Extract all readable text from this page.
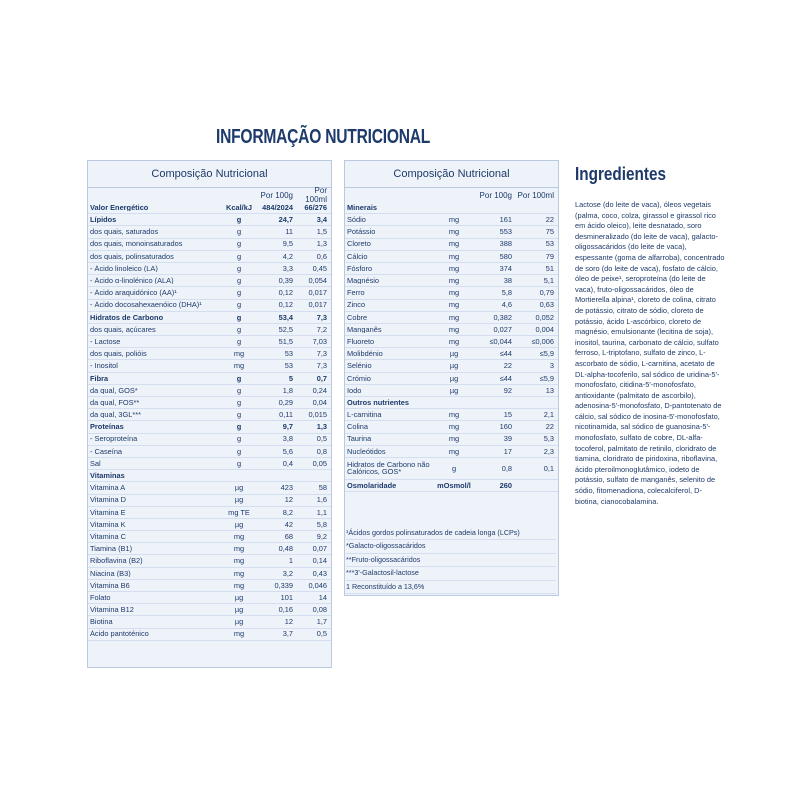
INFORMAÇÃO NUTRICIONAL
Composição Nutricional
Por 100g	Por 100ml
Valor Energético	Kcal/kJ	484/2024	66/276
Lípidos	g	24,7	3,4
dos quais, saturados	g	11	1,5
dos quais, monoinsaturados	g	9,5	1,3
dos quais, polinsaturados	g	4,2	0,6
- Ácido linoleico (LA)	g	3,3	0,45
- Ácido α-linolénico (ALA)	g	0,39	0,054
- Ácido araquidónico (AA)¹	g	0,12	0,017
- Ácido docosahexaenóico (DHA)¹	g	0,12	0,017
Hidratos de Carbono	g	53,4	7,3
dos quais, açúcares	g	52,5	7,2
- Lactose	g	51,5	7,03
dos quais, polióis	mg	53	7,3
- Inositol	mg	53	7,3
Fibra	g	5	0,7
da qual, GOS*	g	1,8	0,24
da qual, FOS**	g	0,29	0,04
da qual, 3GL***	g	0,11	0,015
Proteínas	g	9,7	1,3
- Seroproteína	g	3,8	0,5
- Caseína	g	5,6	0,8
Sal	g	0,4	0,05
Vitaminas
Vitamina A	µg	423	58
Vitamina D	µg	12	1,6
Vitamina E	mg TE	8,2	1,1
Vitamina K	µg	42	5,8
Vitamina C	mg	68	9,2
Tiamina (B1)	mg	0,48	0,07
Riboflavina (B2)	mg	1	0,14
Niacina (B3)	mg	3,2	0,43
Vitamina B6	mg	0,339	0,046
Folato	µg	101	14
Vitamina B12	µg	0,16	0,08
Biotina	µg	12	1,7
Ácido pantoténico	mg	3,7	0,5
Composição Nutricional
Por 100g Por 100ml
Minerais
Sódio	mg	161	22
Potássio	mg	553	75
Cloreto	mg	388	53
Cálcio	mg	580	79
Fósforo	mg	374	51
Magnésio	mg	38	5,1
Ferro	mg	5,8	0,79
Zinco	mg	4,6	0,63
Cobre	mg	0,382	0,052
Manganês	mg	0,027	0,004
Fluoreto	mg	≤0,044	≤0,006
Molibdénio	µg	≤44	≤5,9
Selénio	µg	22	3
Crómio	µg	≤44	≤5,9
Iodo	µg	92	13
Outros nutrientes
L-carnitina	mg	15	2,1
Colina	mg	160	22
Taurina	mg	39	5,3
Nucleótidos	mg	17	2,3
Hidratos de Carbono não Calóricos, GOS*	g	0,8	0,1
Osmolaridade	mOsmol/l	260
¹Ácidos gordos polinsaturados de cadeia longa (LCPs)
*Galacto-oligossacáridos
**Fruto-oligossacáridos
***3'-Galactosil-lactose
1 Reconstituído a 13,6%
Ingredientes

Lactose (do leite de vaca), óleos vegetais (palma, coco, colza, girassol e girassol rico em ácido oleico), leite desnatado, soro desmineralizado (do leite de vaca), galacto-oligossacáridos (do leite de vaca), espessante (goma de alfarroba), concentrado de soro (do leite de vaca), fosfato de cálcio, óleo de peixe¹, seroproteína (do leite de vaca), fruto-oligossacáridos, óleo de Mortierella alpina¹, cloreto de colina, citrato de potássio, citrato de sódio, cloreto de potássio, ácido L-ascórbico, cloreto de magnésio, emulsionante (lecitina de soja), inositol, taurina, carbonato de cálcio, sulfato ferroso, L-triptofano, sulfato de zinco, L-ascorbato de sódio, L-carnitina, acetato de DL-alpha-tocoferilo, sal sódico de uridina-5'-monofosfato, citidina-5'-monofosfato, antioxidante (palmitato de ascorbilo), adenosina-5'-monofosfato, D-pantotenato de cálcio, sal sódico de inosina-5'-monofosfato, nicotinamida, sal sódico de guanosina-5'-monofosfato, sulfato de cobre, DL-alfa-tocoferol, palmitato de retinilo, cloridrato de tiamina, cloridrato de piridoxina, riboflavina, ácido pteroilmonoglutâmico, iodeto de potássio, sulfato de manganês, selenito de sódio, fitomenadiona, colecalciferol, D-biotina, cianocobalamina.
